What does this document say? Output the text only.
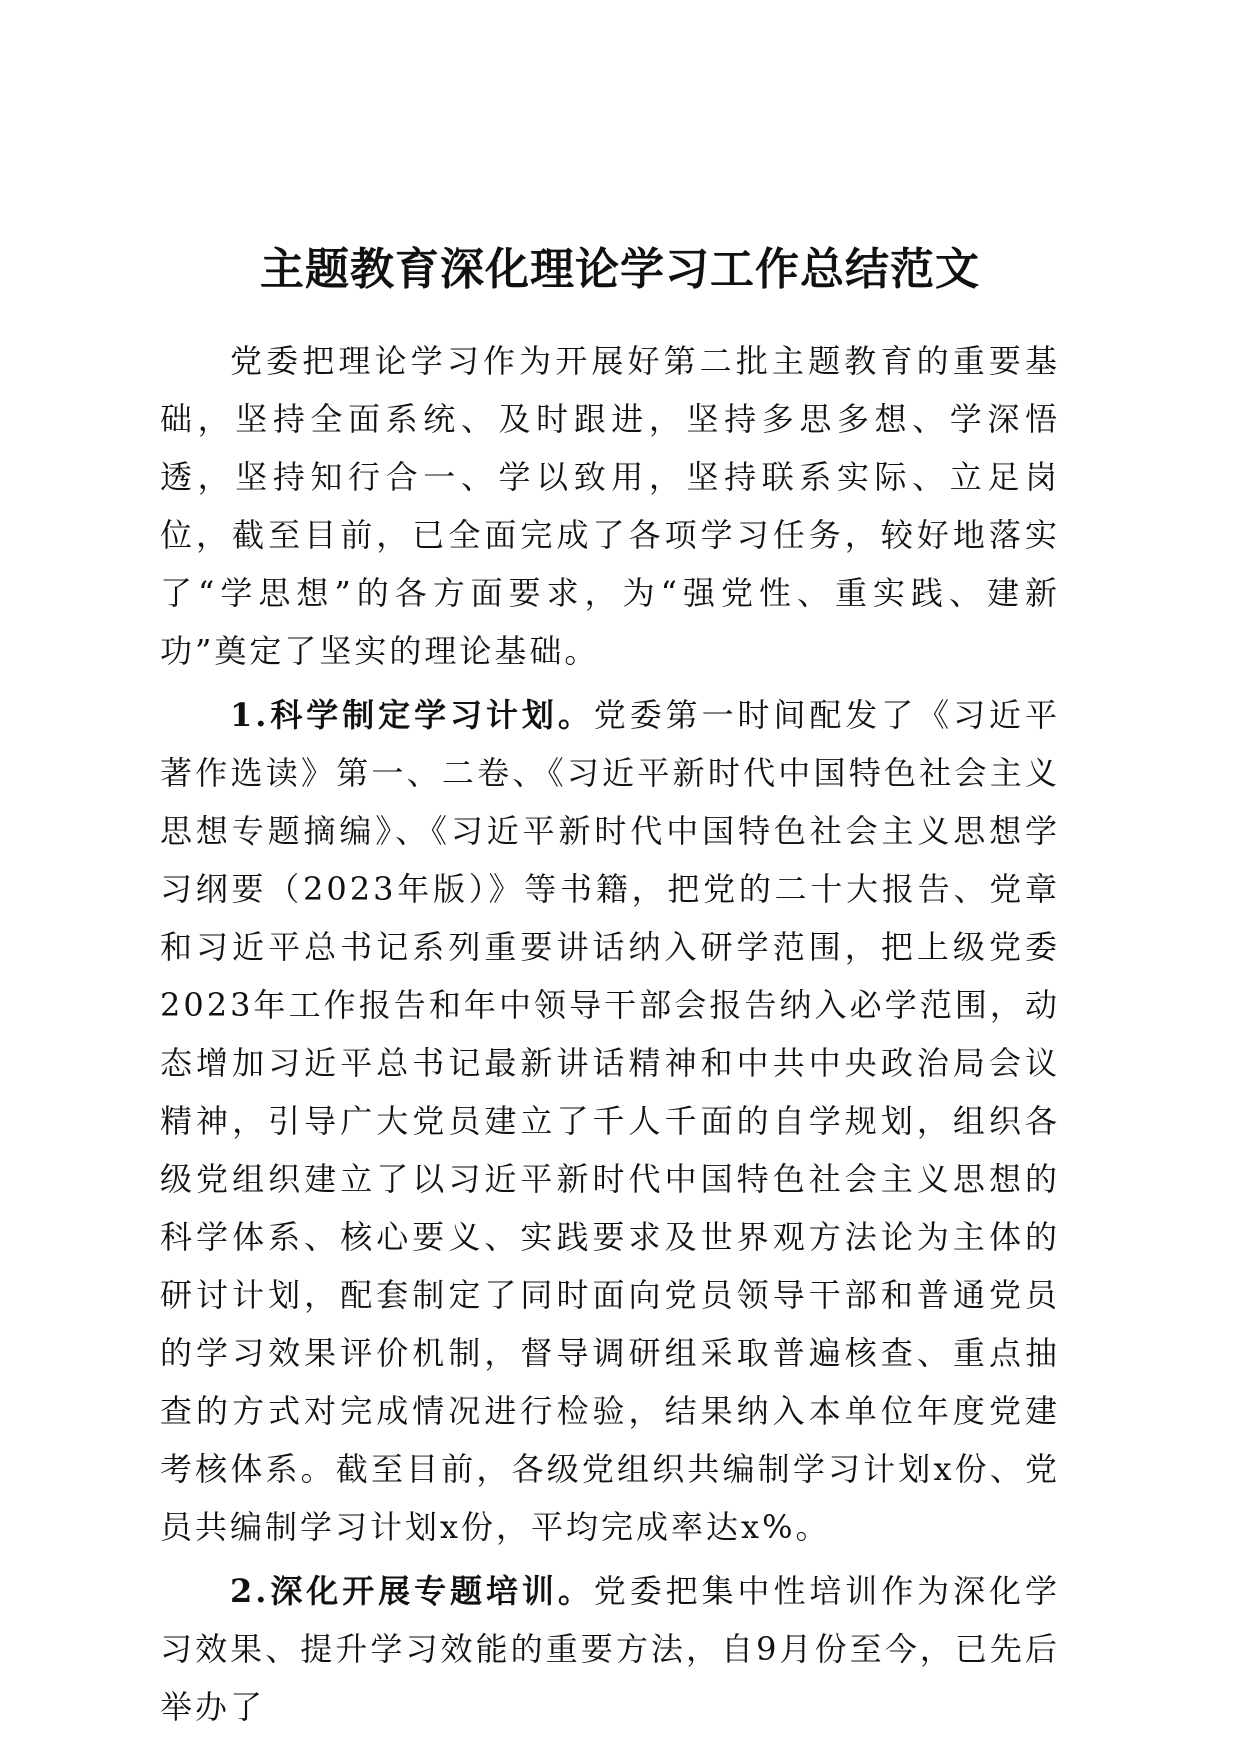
主题教育深化理论学习工作总结范文

党委把理论学习作为开展好第二批主题教育的重要基础，坚持全面系统、及时跟进，坚持多思多想、学深悟透，坚持知行合一、学以致用，坚持联系实际、立足岗位，截至目前，已全面完成了各项学习任务，较好地落实了“学思想”的各方面要求，为“强党性、重实践、建新功”奠定了坚实的理论基础。

1.科学制定学习计划。党委第一时间配发了《习近平著作选读》第一、二卷、《习近平新时代中国特色社会主义思想专题摘编》、《习近平新时代中国特色社会主义思想学习纲要（2023年版）》等书籍，把党的二十大报告、党章和习近平总书记系列重要讲话纳入研学范围，把上级党委2023年工作报告和年中领导干部会报告纳入必学范围，动态增加习近平总书记最新讲话精神和中共中央政治局会议精神，引导广大党员建立了千人千面的自学规划，组织各级党组织建立了以习近平新时代中国特色社会主义思想的科学体系、核心要义、实践要求及世界观方法论为主体的研讨计划，配套制定了同时面向党员领导干部和普通党员的学习效果评价机制，督导调研组采取普遍核查、重点抽查的方式对完成情况进行检验，结果纳入本单位年度党建考核体系。截至目前，各级党组织共编制学习计划x份、党员共编制学习计划x份，平均完成率达x%。

2.深化开展专题培训。党委把集中性培训作为深化学习效果、提升学习效能的重要方法，自9月份至今，已先后举办了
